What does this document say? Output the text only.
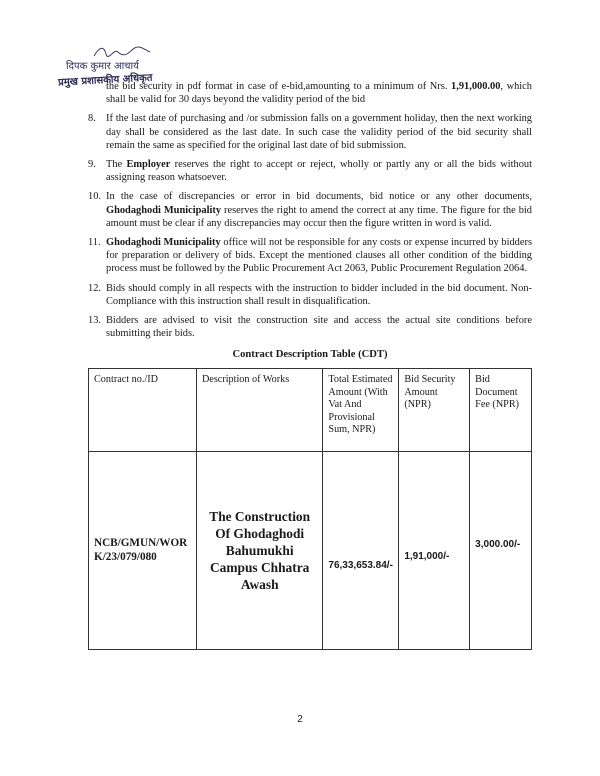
दिपक कुमार आचार्य
प्रमुख प्रशासकीय अधिकृत

the bid security in pdf format in case of e-bid,amounting to a minimum of Nrs. 1,91,000.00, which shall be valid for 30 days beyond the validity period of the bid

8. If the last date of purchasing and /or submission falls on a government holiday, then the next working day shall be considered as the last date. In such case the validity period of the bid security shall remain the same as specified for the original last date of bid submission.
9. The Employer reserves the right to accept or reject, wholly or partly any or all the bids without assigning reason whatsoever.
10. In the case of discrepancies or error in bid documents, bid notice or any other documents, Ghodaghodi Municipality reserves the right to amend the correct at any time. The figure for the bid amount must be clear if any discrepancies may occur then the figure written in word is valid.
11. Ghodaghodi Municipality office will not be responsible for any costs or expense incurred by bidders for preparation or delivery of bids. Except the mentioned clauses all other condition of the bidding process must be followed by the Public Procurement Act 2063, Public Procurement Regulation 2064.
12. Bids should comply in all respects with the instruction to bidder included in the bid document. Non-Compliance with this instruction shall result in disqualification.
13. Bidders are advised to visit the construction site and access the actual site conditions before submitting their bids.
Contract Description Table (CDT)
Contract no./ID	Description of Works	Total Estimated Amount (With Vat And Provisional Sum, NPR)	Bid Security Amount (NPR)	Bid Document Fee (NPR)
NCB/GMUN/WORK/23/079/080	The Construction Of Ghodaghodi Bahumukhi Campus Chhatra Awash	76,33,653.84/-	1,91,000/-	3,000.00/-
2
